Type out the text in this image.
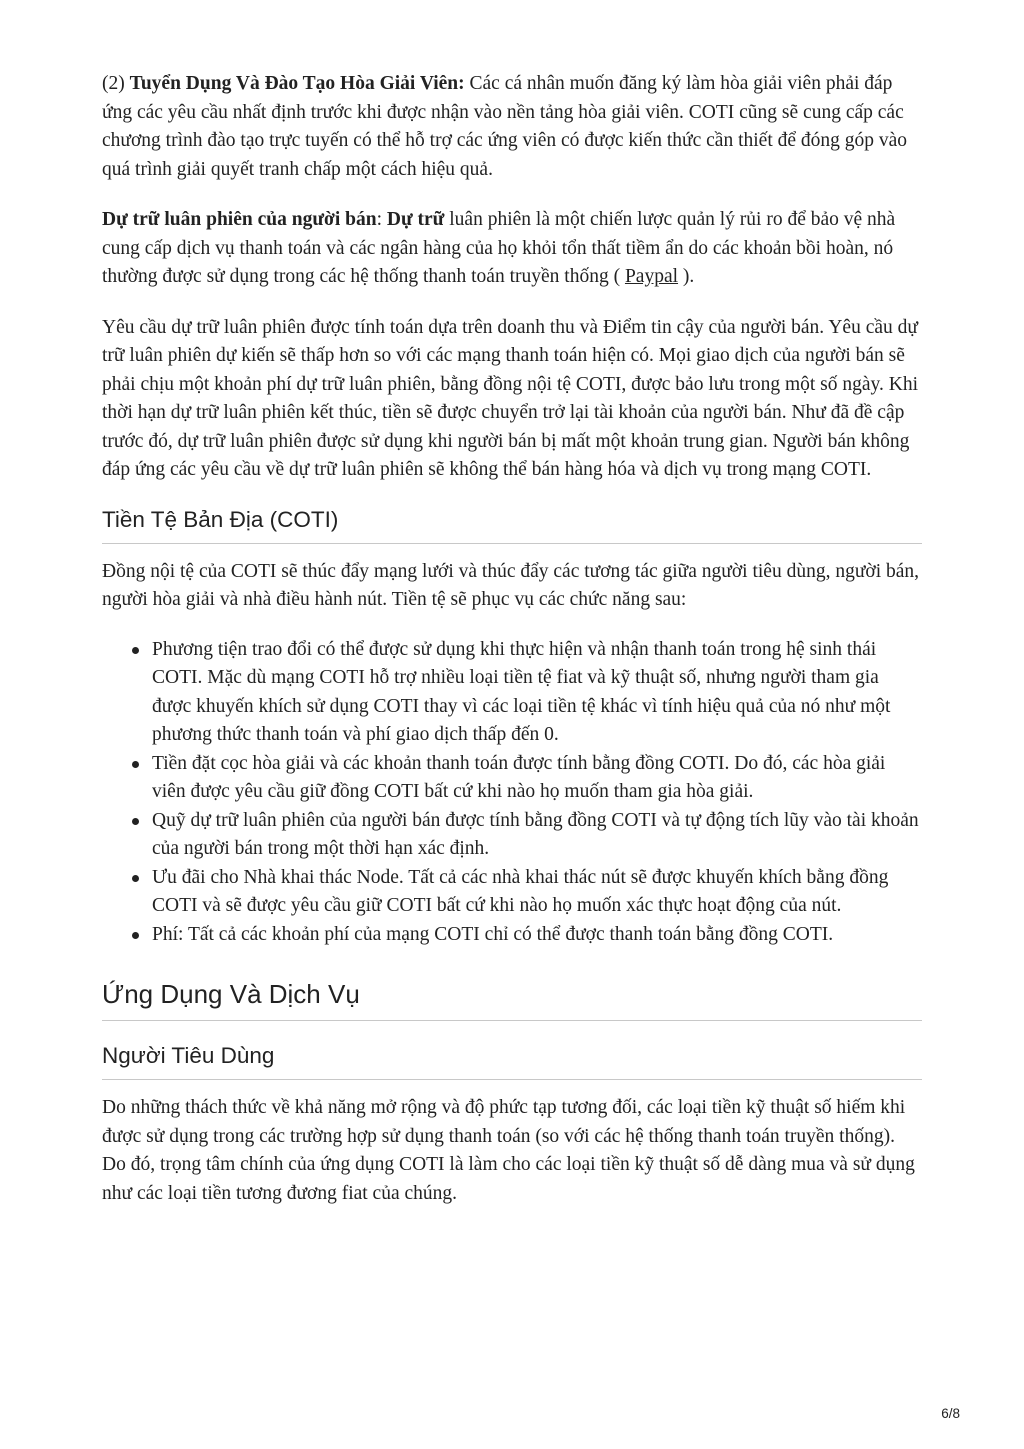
(2) Tuyển Dụng Và Đào Tạo Hòa Giải Viên: Các cá nhân muốn đăng ký làm hòa giải viên phải đáp ứng các yêu cầu nhất định trước khi được nhận vào nền tảng hòa giải viên. COTI cũng sẽ cung cấp các chương trình đào tạo trực tuyến có thể hỗ trợ các ứng viên có được kiến thức cần thiết để đóng góp vào quá trình giải quyết tranh chấp một cách hiệu quả.

Dự trữ luân phiên của người bán: Dự trữ luân phiên là một chiến lược quản lý rủi ro để bảo vệ nhà cung cấp dịch vụ thanh toán và các ngân hàng của họ khỏi tổn thất tiềm ẩn do các khoản bồi hoàn, nó thường được sử dụng trong các hệ thống thanh toán truyền thống ( Paypal ).

Yêu cầu dự trữ luân phiên được tính toán dựa trên doanh thu và Điểm tin cậy của người bán. Yêu cầu dự trữ luân phiên dự kiến sẽ thấp hơn so với các mạng thanh toán hiện có. Mọi giao dịch của người bán sẽ phải chịu một khoản phí dự trữ luân phiên, bằng đồng nội tệ COTI, được bảo lưu trong một số ngày. Khi thời hạn dự trữ luân phiên kết thúc, tiền sẽ được chuyển trở lại tài khoản của người bán. Như đã đề cập trước đó, dự trữ luân phiên được sử dụng khi người bán bị mất một khoản trung gian. Người bán không đáp ứng các yêu cầu về dự trữ luân phiên sẽ không thể bán hàng hóa và dịch vụ trong mạng COTI.

Tiền Tệ Bản Địa (COTI)

Đồng nội tệ của COTI sẽ thúc đẩy mạng lưới và thúc đẩy các tương tác giữa người tiêu dùng, người bán, người hòa giải và nhà điều hành nút. Tiền tệ sẽ phục vụ các chức năng sau:

Phương tiện trao đổi có thể được sử dụng khi thực hiện và nhận thanh toán trong hệ sinh thái COTI. Mặc dù mạng COTI hỗ trợ nhiều loại tiền tệ fiat và kỹ thuật số, nhưng người tham gia được khuyến khích sử dụng COTI thay vì các loại tiền tệ khác vì tính hiệu quả của nó như một phương thức thanh toán và phí giao dịch thấp đến 0.
Tiền đặt cọc hòa giải và các khoản thanh toán được tính bằng đồng COTI. Do đó, các hòa giải viên được yêu cầu giữ đồng COTI bất cứ khi nào họ muốn tham gia hòa giải.
Quỹ dự trữ luân phiên của người bán được tính bằng đồng COTI và tự động tích lũy vào tài khoản của người bán trong một thời hạn xác định.
Ưu đãi cho Nhà khai thác Node. Tất cả các nhà khai thác nút sẽ được khuyến khích bằng đồng COTI và sẽ được yêu cầu giữ COTI bất cứ khi nào họ muốn xác thực hoạt động của nút.
Phí: Tất cả các khoản phí của mạng COTI chỉ có thể được thanh toán bằng đồng COTI.
Ứng Dụng Và Dịch Vụ
Người Tiêu Dùng

Do những thách thức về khả năng mở rộng và độ phức tạp tương đối, các loại tiền kỹ thuật số hiếm khi được sử dụng trong các trường hợp sử dụng thanh toán (so với các hệ thống thanh toán truyền thống). Do đó, trọng tâm chính của ứng dụng COTI là làm cho các loại tiền kỹ thuật số dễ dàng mua và sử dụng như các loại tiền tương đương fiat của chúng.

6/8
